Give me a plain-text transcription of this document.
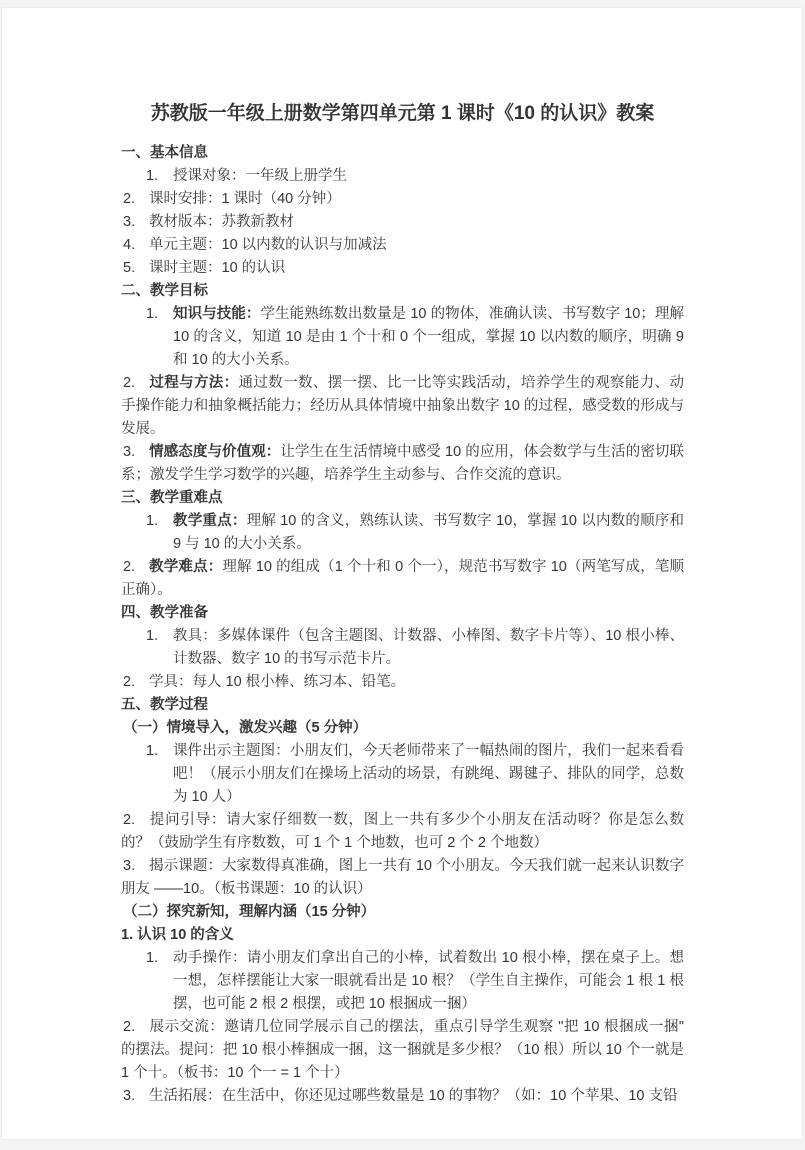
苏教版一年级上册数学第四单元第 1 课时《10 的认识》教案
一、基本信息
1. 授课对象：一年级上册学生

2. 课时安排：1 课时（40 分钟）

3. 教材版本：苏教新教材

4. 单元主题：10 以内数的认识与加减法

5. 课时主题：10 的认识

二、教学目标
1. 知识与技能：学生能熟练数出数量是 10 的物体，准确认读、书写数字 10；理解 10 的含义，知道 10 是由 1 个十和 0 个一组成，掌握 10 以内数的顺序，明确 9 和 10 的大小关系。

2. 过程与方法：通过数一数、摆一摆、比一比等实践活动，培养学生的观察能力、动手操作能力和抽象概括能力；经历从具体情境中抽象出数字 10 的过程，感受数的形成与发展。

3. 情感态度与价值观：让学生在生活情境中感受 10 的应用，体会数学与生活的密切联系；激发学生学习数学的兴趣，培养学生主动参与、合作交流的意识。

三、教学重难点
1. 教学重点：理解 10 的含义，熟练认读、书写数字 10，掌握 10 以内数的顺序和 9 与 10 的大小关系。

2. 教学难点：理解 10 的组成（1 个十和 0 个一），规范书写数字 10（两笔写成，笔顺正确）。

四、教学准备
1. 教具：多媒体课件（包含主题图、计数器、小棒图、数字卡片等）、10 根小棒、计数器、数字 10 的书写示范卡片。

2. 学具：每人 10 根小棒、练习本、铅笔。

五、教学过程
（一）情境导入，激发兴趣（5 分钟）
1. 课件出示主题图：小朋友们，今天老师带来了一幅热闹的图片，我们一起来看看吧！（展示小朋友们在操场上活动的场景，有跳绳、踢毽子、排队的同学，总数为 10 人）

2. 提问引导：请大家仔细数一数，图上一共有多少个小朋友在活动呀？你是怎么数的？（鼓励学生有序数数，可 1 个 1 个地数，也可 2 个 2 个地数）

3. 揭示课题：大家数得真准确，图上一共有 10 个小朋友。今天我们就一起来认识数字朋友 ——10。（板书课题：10 的认识）

（二）探究新知，理解内涵（15 分钟）
1. 认识 10 的含义
1. 动手操作：请小朋友们拿出自己的小棒，试着数出 10 根小棒，摆在桌子上。想一想，怎样摆能让大家一眼就看出是 10 根？（学生自主操作，可能会 1 根 1 根摆，也可能 2 根 2 根摆，或把 10 根捆成一捆）

2. 展示交流：邀请几位同学展示自己的摆法，重点引导学生观察 "把 10 根捆成一捆" 的摆法。提问：把 10 根小棒捆成一捆，这一捆就是多少根？（10 根）所以 10 个一就是 1 个十。（板书：10 个一 = 1 个十）

3. 生活拓展：在生活中，你还见过哪些数量是 10 的事物？（如：10 个苹果、10 支铅
